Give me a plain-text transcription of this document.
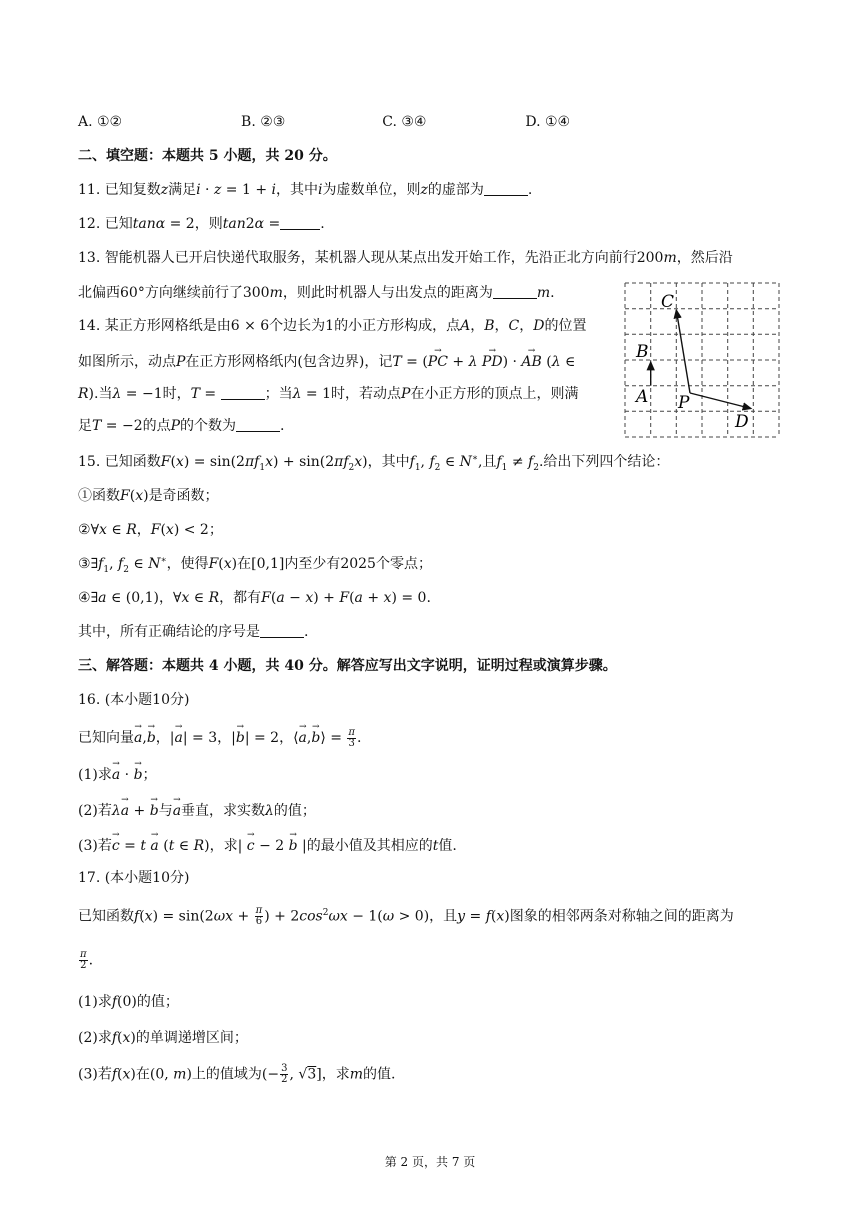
A. ①②	B. ②③	C. ③④	D. ①④
二、填空题：本题共 5 小题，共 20 分。
11. 已知复数z满足i · z = 1 + i，其中i为虚数单位，则z的虚部为	.
12. 已知tanα = 2，则tan2α =	.
13. 智能机器人已开启快递代取服务，某机器人现从某点出发开始工作，先沿正北方向前行200m，然后沿
北偏西60°方向继续前行了300m，则此时机器人与出发点的距离为	m.
14. 某正方形网格纸是由6 × 6个边长为1的小正方形构成，点A，B，C，D的位置
如图所示，动点P在正方形网格纸内(包含边界)，记T = (→ PC + λ → PD) · → AB (λ ∈
R).当λ = −1时，T =	；当λ = 1时，若动点P在小正方形的顶点上，则满
足T = −2的点P的个数为	.
A
B
C
D
P
15. 已知函数$F(x) = \sin(2\pi f_1x) + \sin(2\pi f_2x)$，其中$f_1$, $f_2$ ∈ N∗,且$f_1 \ne f_2$.给出下列四个结论：
①函数F(x)是奇函数；
②∀x ∈ R，F(x) < 2；
$③\exists f_1$, $f_2$ ∈ N∗，使得F(x)在[0,1]内至少有2025个零点；
④∃a ∈ (0,1)，∀x ∈ R，都有F(a − x) + F(a + x) = 0.
其中，所有正确结论的序号是	.
三、解答题：本题共 4 小题，共 40 分。解答应写出文字说明，证明过程或演算步骤。
16. (本小题10分)
已知向量→ a,→ b，|→ a| = 3，|→ b| = 2，⟨→ a,→ b⟩ = $\frac{\pi}{3}$ .
(1)求→ a · → b；
(2)若λ→ a + → b与→ a垂直，求实数λ的值；
(3)若→ c = t → a (t ∈ R)，求| → c − 2 → b |的最小值及其相应的t值.
17. (本小题10分)
已知函数$f(x) = \sin(2\omega x + \frac{\pi}{6}$ ) + $2\cos^2\omega x - 1(\omega > 0)$，且y = f(x)图象的相邻两条对称轴之间的距离为
$\frac{\pi}{2}$ .
(1)求f(0)的值；
(2)求f(x)的单调递增区间；
(3)若f(x)在(0, m)上的值域为(− $\frac{3}{2}$ , √3]，求m的值.
第 2 页，共 7 页
